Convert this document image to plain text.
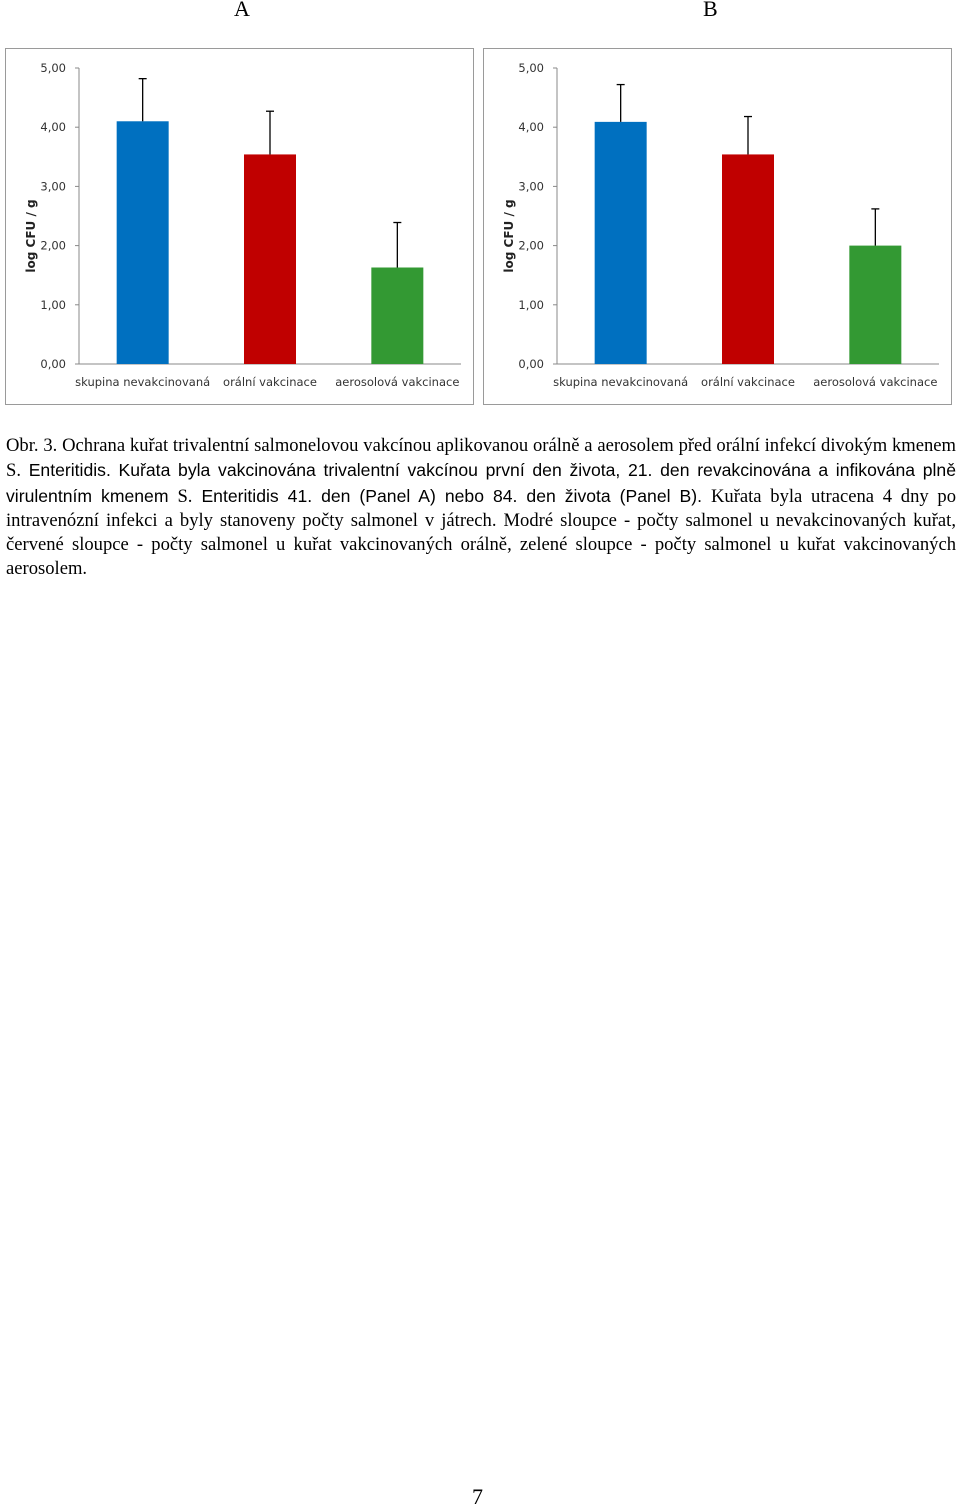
A	B
log CFU / g
0,00
1,00
2,00
3,00
4,00
5,00
skupina nevakcinovaná orální vakcinace aerosolová vakcinace
log CFU / g
0,00
1,00
2,00
3,00
4,00
5,00
skupina nevakcinovaná orální vakcinace aerosolová vakcinace

Obr. 3. Ochrana kuřat trivalentní salmonelovou vakcínou aplikovanou orálně a aerosolem před orální infekcí divokým kmenem S. Enteritidis. Kuřata byla vakcinována trivalentní vakcínou první den života, 21. den revakcinována a infikována plně virulentním kmenem S. Enteritidis 41. den (Panel A) nebo 84. den života (Panel B). Kuřata byla utracena 4 dny po intravenózní infekci a byly stanoveny počty salmonel v játrech. Modré sloupce - počty salmonel u nevakcinovaných kuřat, červené sloupce - počty salmonel u kuřat vakcinovaných orálně, zelené sloupce - počty salmonel u kuřat vakcinovaných aerosolem.

7
